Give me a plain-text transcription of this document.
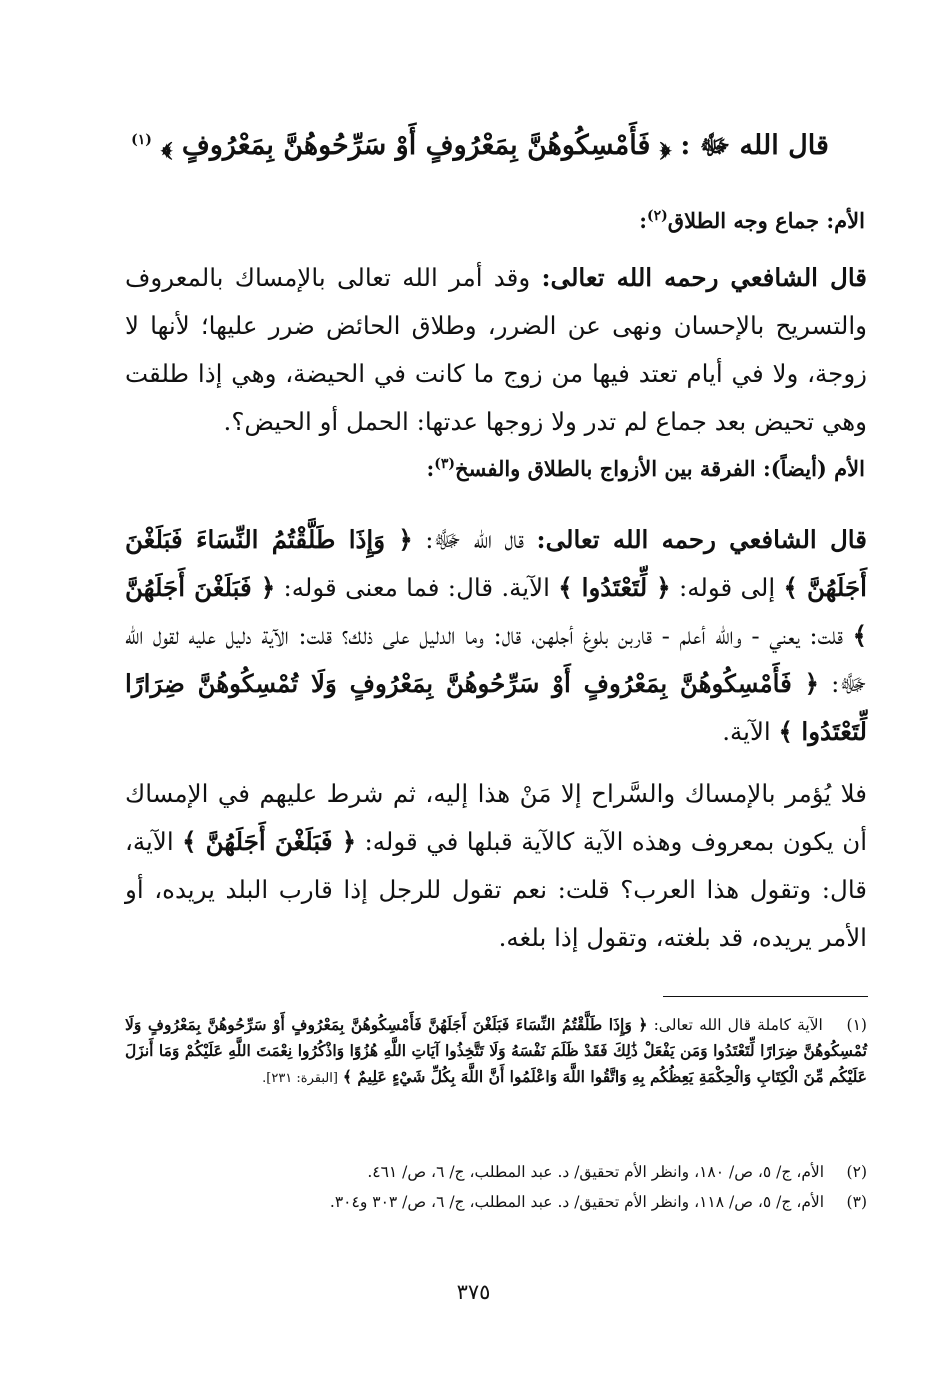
قال الله ﷻ : ﴿ فَأَمْسِكُوهُنَّ بِمَعْرُوفٍ أَوْ سَرِّحُوهُنَّ بِمَعْرُوفٍ ﴾ $^{(١)}$
الأم: جماع وجه الطلاق$^{(٢)}$:
قال الشافعي رحمه الله تعالى: وقد أمر الله تعالى بالإمساك بالمعروف والتسريح بالإحسان ونهى عن الضرر، وطلاق الحائض ضرر عليها؛ لأنها لا زوجة، ولا في أيام تعتد فيها من زوج ما كانت في الحيضة، وهي إذا طلقت وهي تحيض بعد جماع لم تدر ولا زوجها عدتها: الحمل أو الحيض؟.
الأم (أيضاً): الفرقة بين الأزواج بالطلاق والفسخ$^{(٣)}$:
قال الشافعي رحمه الله تعالى: قال الله ﷻ: ﴿ وَإِذَا طَلَّقْتُمُ النِّسَاءَ فَبَلَغْنَ أَجَلَهُنَّ ﴾ إلى قوله: ﴿ لِّتَعْتَدُوا ﴾ الآية. قال: فما معنى قوله: ﴿ فَبَلَغْنَ أَجَلَهُنَّ ﴾ قلت: يعني - والله أعلم - قاربن بلوغ أجلهن، قال: وما الدليل على ذلك؟ قلت: الآية دليل عليه لقول الله ﷻ: ﴿ فَأَمْسِكُوهُنَّ بِمَعْرُوفٍ أَوْ سَرِّحُوهُنَّ بِمَعْرُوفٍ وَلَا تُمْسِكُوهُنَّ ضِرَارًا لِّتَعْتَدُوا ﴾ الآية.
فلا يُؤمر بالإمساك والسَّراح إلا مَنْ هذا إليه، ثم شرط عليهم في الإمساك أن يكون بمعروف وهذه الآية كالآية قبلها في قوله: ﴿ فَبَلَغْنَ أَجَلَهُنَّ ﴾ الآية، قال: وتقول هذا العرب؟ قلت: نعم تقول للرجل إذا قارب البلد يريده، أو الأمر يريده، قد بلغته، وتقول إذا بلغه.
(١) الآية كاملة قال الله تعالى: ﴿ وَإِذَا طَلَّقْتُمُ النِّسَاءَ فَبَلَغْنَ أَجَلَهُنَّ فَأَمْسِكُوهُنَّ بِمَعْرُوفٍ أَوْ سَرِّحُوهُنَّ بِمَعْرُوفٍ وَلَا تُمْسِكُوهُنَّ ضِرَارًا لِّتَعْتَدُوا وَمَن يَفْعَلْ ذَٰلِكَ فَقَدْ ظَلَمَ نَفْسَهُ وَلَا تَتَّخِذُوا آيَاتِ اللَّهِ هُزُوًا وَاذْكُرُوا نِعْمَتَ اللَّهِ عَلَيْكُمْ وَمَا أَنزَلَ عَلَيْكُم مِّنَ الْكِتَابِ وَالْحِكْمَةِ يَعِظُكُم بِهِ وَاتَّقُوا اللَّهَ وَاعْلَمُوا أَنَّ اللَّهَ بِكُلِّ شَيْءٍ عَلِيمٌ ﴾ [البقرة: ٢٣١].
(٢) الأم، ج/ ٥، ص/ ١٨٠، وانظر الأم تحقيق/ د. عبد المطلب، ج/ ٦، ص/ ٤٦١.
(٣) الأم، ج/ ٥، ص/ ١١٨، وانظر الأم تحقيق/ د. عبد المطلب، ج/ ٦، ص/ ٣٠٣ و٣٠٤.
٣٧٥
